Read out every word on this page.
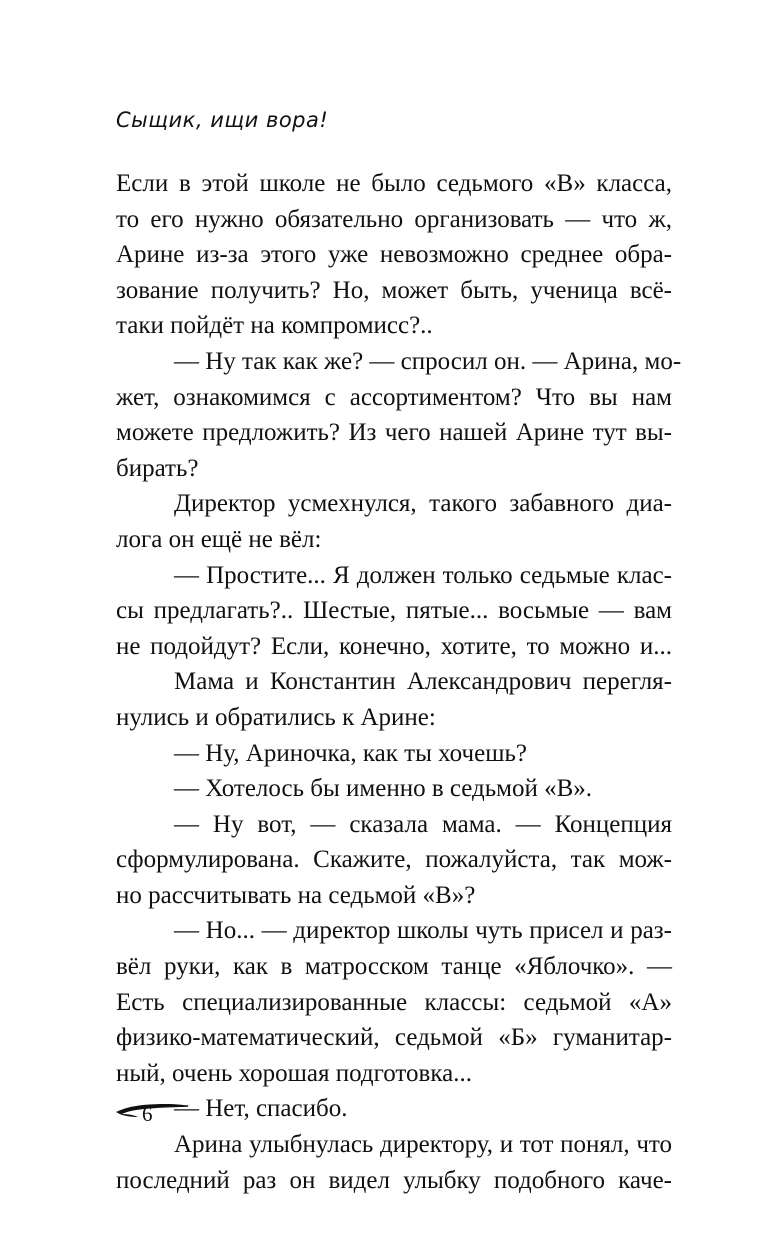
Сыщик, ищи вора!
Если в этой школе не было седьмого «В» класса,
то его нужно обязательно организовать — что ж,
Арине из-за этого уже невозможно среднее обра-
зование получить? Но, может быть, ученица всё-
таки пойдёт на компромисс?..
— Ну так как же? — спросил он. — Арина, мо-
жет, ознакомимся с ассортиментом? Что вы нам
можете предложить? Из чего нашей Арине тут вы-
бирать?
Директор усмехнулся, такого забавного диа-
лога он ещё не вёл:
— Простите... Я должен только седьмые клас-
сы предлагать?.. Шестые, пятые... восьмые — вам
не подойдут? Если, конечно, хотите, то можно и...
Мама и Константин Александрович перегля-
нулись и обратились к Арине:
— Ну, Ариночка, как ты хочешь?
— Хотелось бы именно в седьмой «В».
— Ну вот, — сказала мама. — Концепция
сформулирована. Скажите, пожалуйста, так мож-
но рассчитывать на седьмой «В»?
— Но... — директор школы чуть присел и раз-
вёл руки, как в матросском танце «Яблочко». —
Есть специализированные классы: седьмой «А»
физико-математический, седьмой «Б» гуманитар-
ный, очень хорошая подготовка...
— Нет, спасибо.
Арина улыбнулась директору, и тот понял, что
последний раз он видел улыбку подобного каче-
6
